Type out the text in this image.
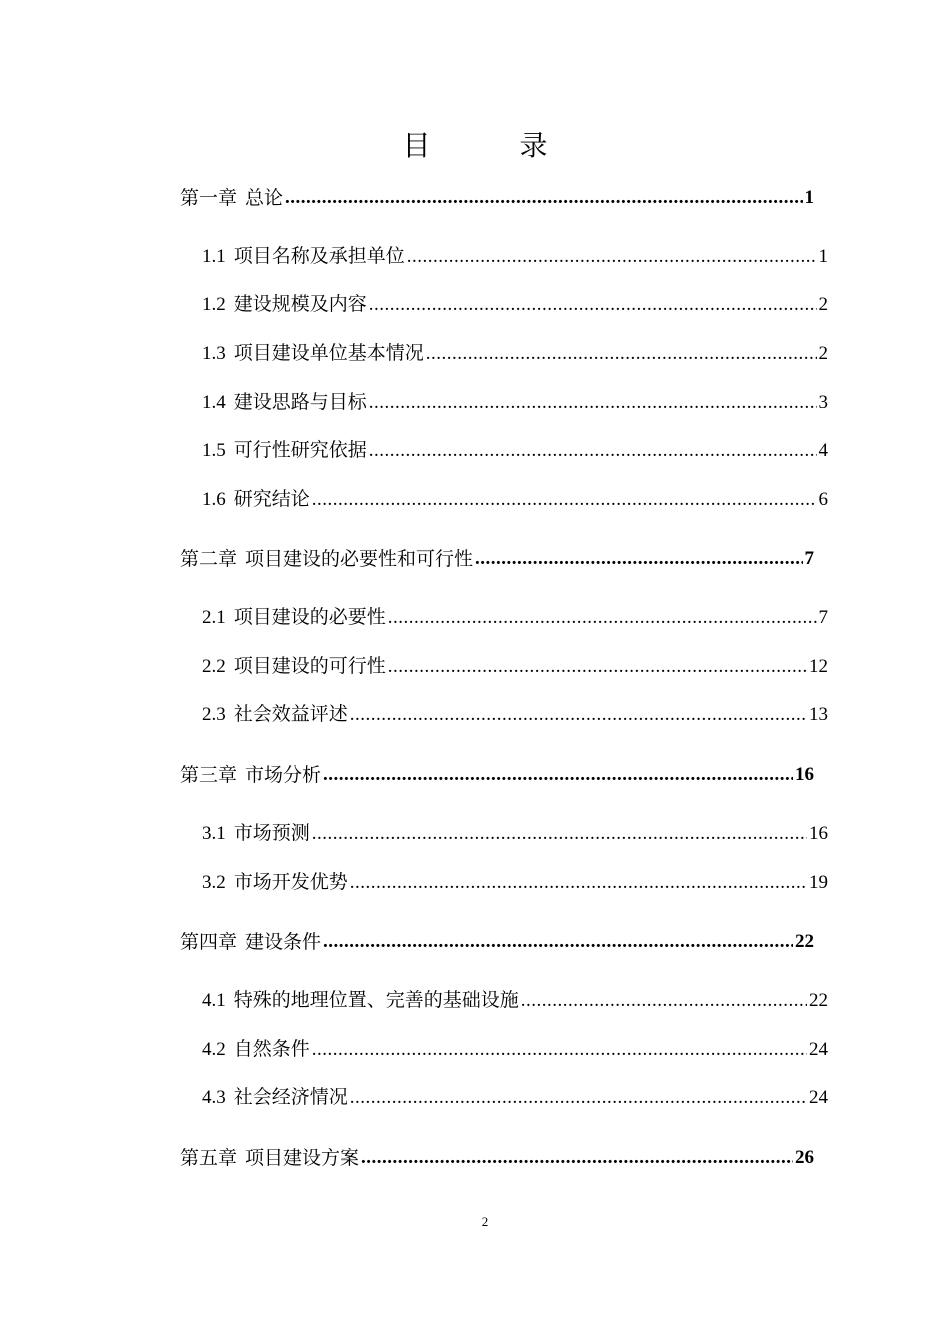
目 录
第一章 总论 .....	1
1.1 项目名称及承担单位 .....	1
1.2 建设规模及内容 .....	2
1.3 项目建设单位基本情况 .....	2
1.4 建设思路与目标 .....	3
1.5 可行性研究依据 .....	4
1.6 研究结论 .....	6
第二章 项目建设的必要性和可行性 .....	7
2.1 项目建设的必要性 .....	7
2.2 项目建设的可行性 .....	12
2.3 社会效益评述 .....	13
第三章 市场分析 .....	16
3.1 市场预测 .....	16
3.2 市场开发优势 .....	19
第四章 建设条件 .....	22
4.1 特殊的地理位置、完善的基础设施 .....	22
4.2 自然条件 .....	24
4.3 社会经济情况 .....	24
第五章 项目建设方案 .....	26
2
